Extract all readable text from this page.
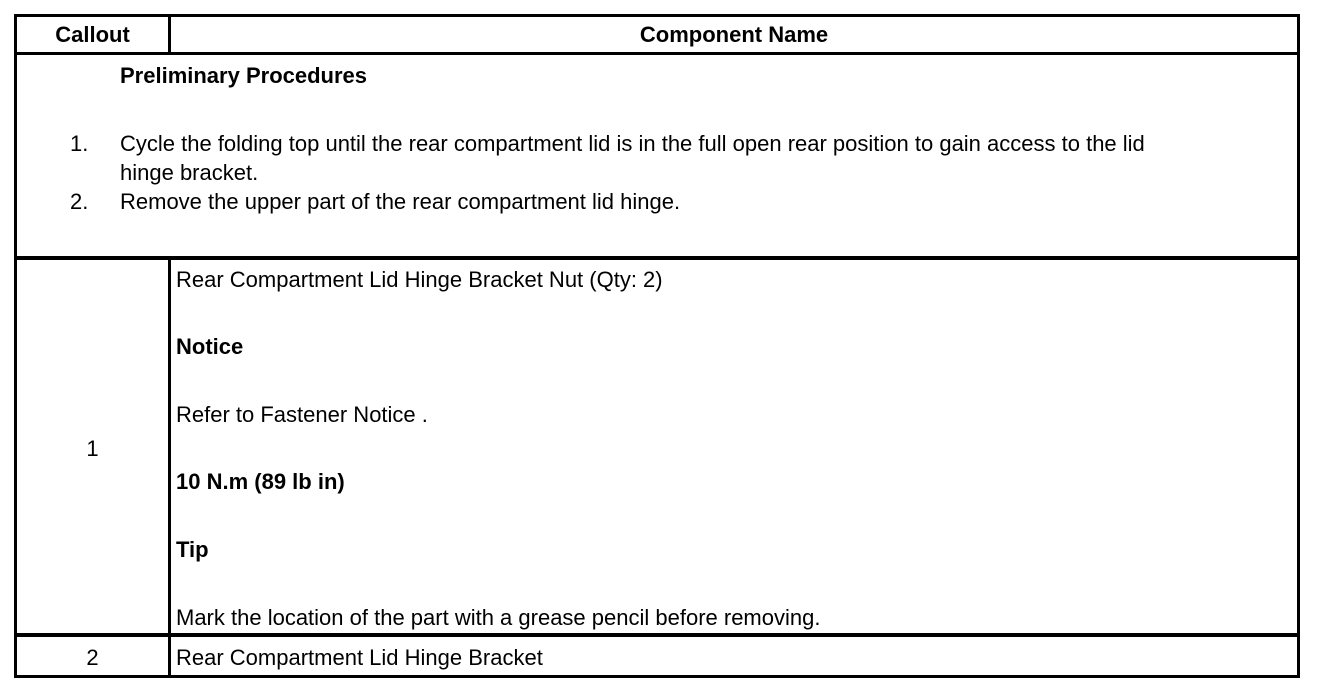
Callout	Component Name
Preliminary Procedures
1. Cycle the folding top until the rear compartment lid is in the full open rear position to gain access to the lid
hinge bracket.
2. Remove the upper part of the rear compartment lid hinge.
1
Rear Compartment Lid Hinge Bracket Nut (Qty: 2)
Notice
Refer to Fastener Notice .
10 N.m (89 lb in)
Tip
Mark the location of the part with a grease pencil before removing.
2	Rear Compartment Lid Hinge Bracket
